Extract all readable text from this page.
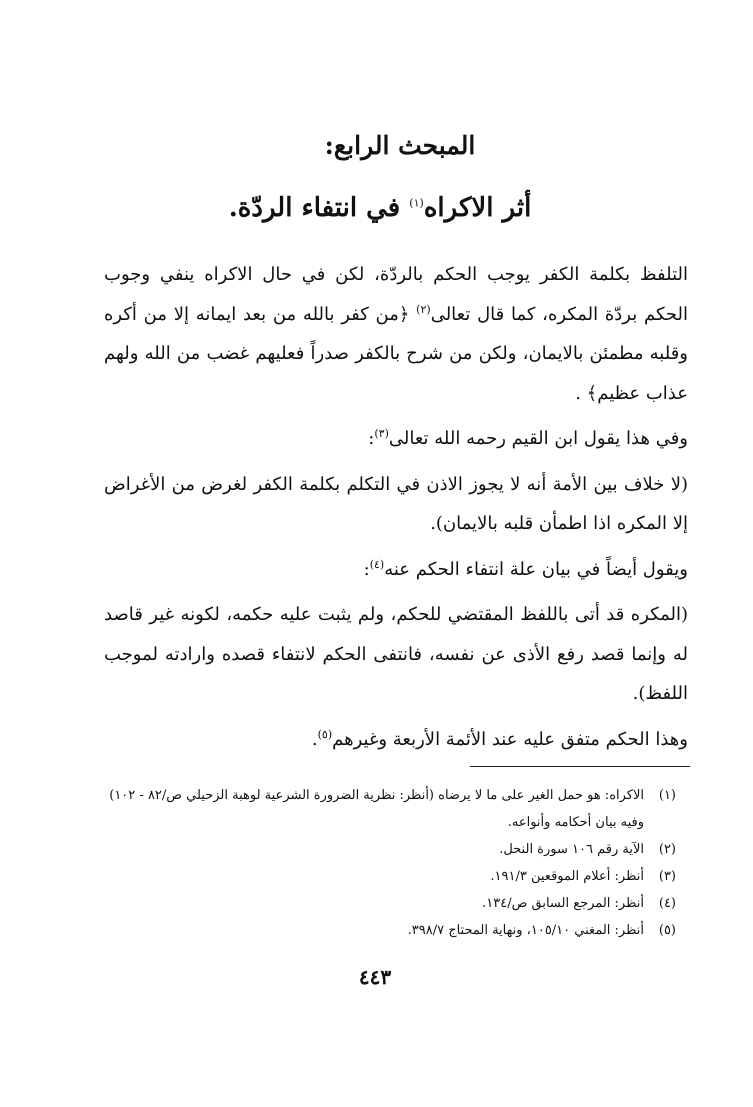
المبحث الرابع:
أثر الاكراه$^{(١)}$ في انتفاء الردّة.

التلفظ بكلمة الكفر يوجب الحكم بالردّة، لكن في حال الاكراه ينفي وجوب الحكم بردّة المكره، كما قال تعالى$^{(٢)}$ ﴿من كفر بالله من بعد ايمانه إلا من أكره وقلبه مطمئن بالايمان، ولكن من شرح بالكفر صدراً فعليهم غضب من الله ولهم عذاب عظيم﴾ .

وفي هذا يقول ابن القيم رحمه الله تعالى$^{(٣)}$:

(لا خلاف بين الأمة أنه لا يجوز الاذن في التكلم بكلمة الكفر لغرض من الأغراض إلا المكره اذا اطمأن قلبه بالايمان).

ويقول أيضاً في بيان علة انتفاء الحكم عنه$^{(٤)}$:

(المكره قد أتى باللفظ المقتضي للحكم، ولم يثبت عليه حكمه، لكونه غير قاصد له وإنما قصد رفع الأذى عن نفسه، فانتفى الحكم لانتفاء قصده وارادته لموجب اللفظ).

وهذا الحكم متفق عليه عند الأئمة الأربعة وغيرهم$^{(٥)}$.

(١)
الاكراه: هو حمل الغير على ما لا يرضاه (أنظر: نظرية الضرورة الشرعية لوهبة الزحيلي ص/٨٢ - ١٠٢) وفيه بيان أحكامه وأنواعه.

(٢)
الآية رقم ١٠٦ سورة النحل.

(٣)
أنظر: أعلام الموقعين ١٩١/٣.

(٤)
أنظر: المرجع السابق ص/١٣٤.

(٥)
أنظر: المغني ١٠٥/١٠، ونهاية المحتاج ٣٩٨/٧.

٤٤٣
